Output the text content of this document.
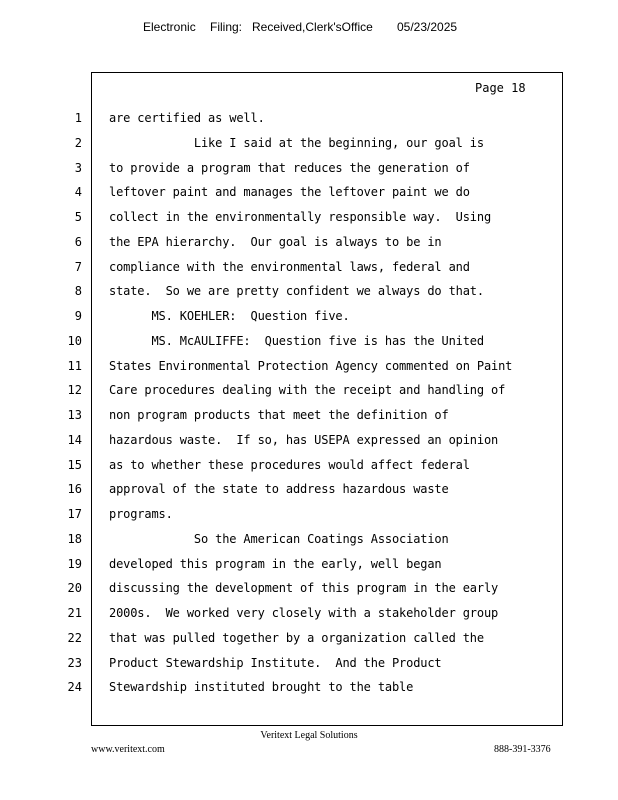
Electronic Filing: Received,Clerk'sOffice 05/23/2025
Page 18
1 are certified as well.
2 Like I said at the beginning, our goal is
3 to provide a program that reduces the generation of
4 leftover paint and manages the leftover paint we do
5 collect in the environmentally responsible way.  Using
6 the EPA hierarchy.  Our goal is always to be in
7 compliance with the environmental laws, federal and
8 state.  So we are pretty confident we always do that.
9 MS. KOEHLER:  Question five.
10 MS. McAULIFFE:  Question five is has the United
11 States Environmental Protection Agency commented on Paint
12 Care procedures dealing with the receipt and handling of
13 non program products that meet the definition of
14 hazardous waste.  If so, has USEPA expressed an opinion
15 as to whether these procedures would affect federal
16 approval of the state to address hazardous waste
17 programs.
18 So the American Coatings Association
19 developed this program in the early, well began
20 discussing the development of this program in the early
21 2000s.  We worked very closely with a stakeholder group
22 that was pulled together by a organization called the
23 Product Stewardship Institute.  And the Product
24 Stewardship instituted brought to the table
Veritext Legal Solutions
www.veritext.com	888-391-3376
